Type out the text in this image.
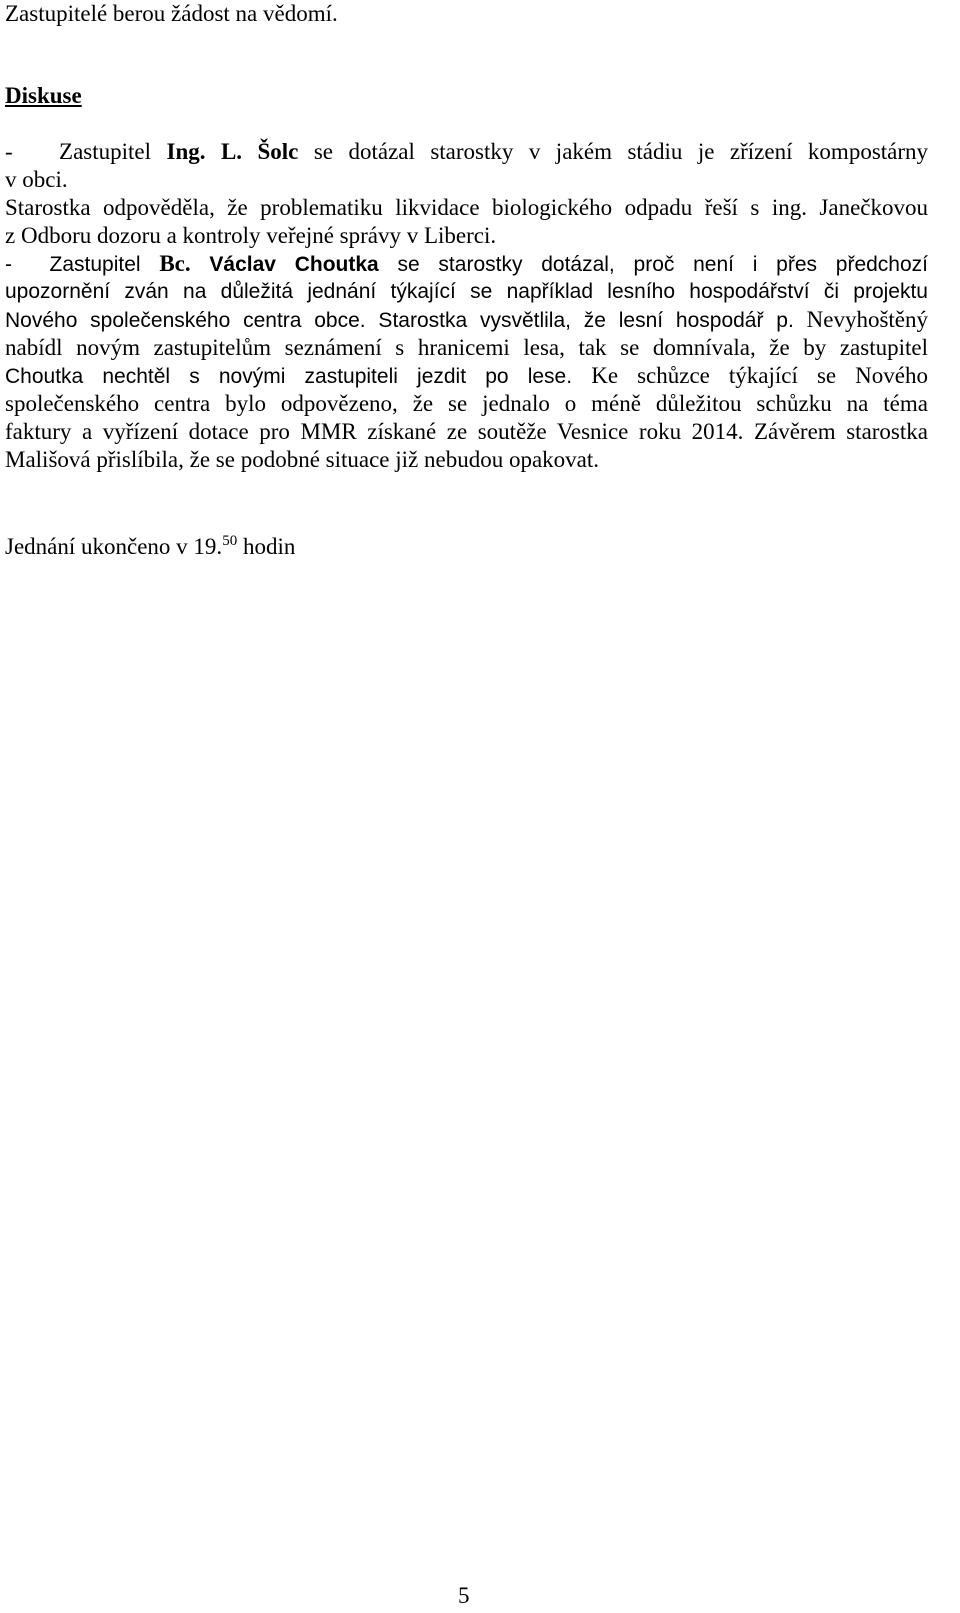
Zastupitelé berou žádost na vědomí.

Diskuse

- Zastupitel Ing. L. Šolc se dotázal starostky v jakém stádiu je zřízení kompostárny

v obci.

Starostka odpověděla, že problematiku likvidace biologického odpadu řeší s ing. Janečkovou

z Odboru dozoru a kontroly veřejné správy v Liberci.

- Zastupitel Bc. Václav Choutka se starostky dotázal, proč není i přes předchozí

upozornění zván na důležitá jednání týkající se například lesního hospodářství či projektu

Nového společenského centra obce. Starostka vysvětlila, že lesní hospodář p. Nevyhoštěný

nabídl novým zastupitelům seznámení s hranicemi lesa, tak se domnívala, že by zastupitel

Choutka nechtěl s novými zastupiteli jezdit po lese. Ke schůzce týkající se Nového

společenského centra bylo odpovězeno, že se jednalo o méně důležitou schůzku na téma

faktury a vyřízení dotace pro MMR získané ze soutěže Vesnice roku 2014. Závěrem starostka

Mališová přislíbila, že se podobné situace již nebudou opakovat.

Jednání ukončeno v 19.50 hodin

5
